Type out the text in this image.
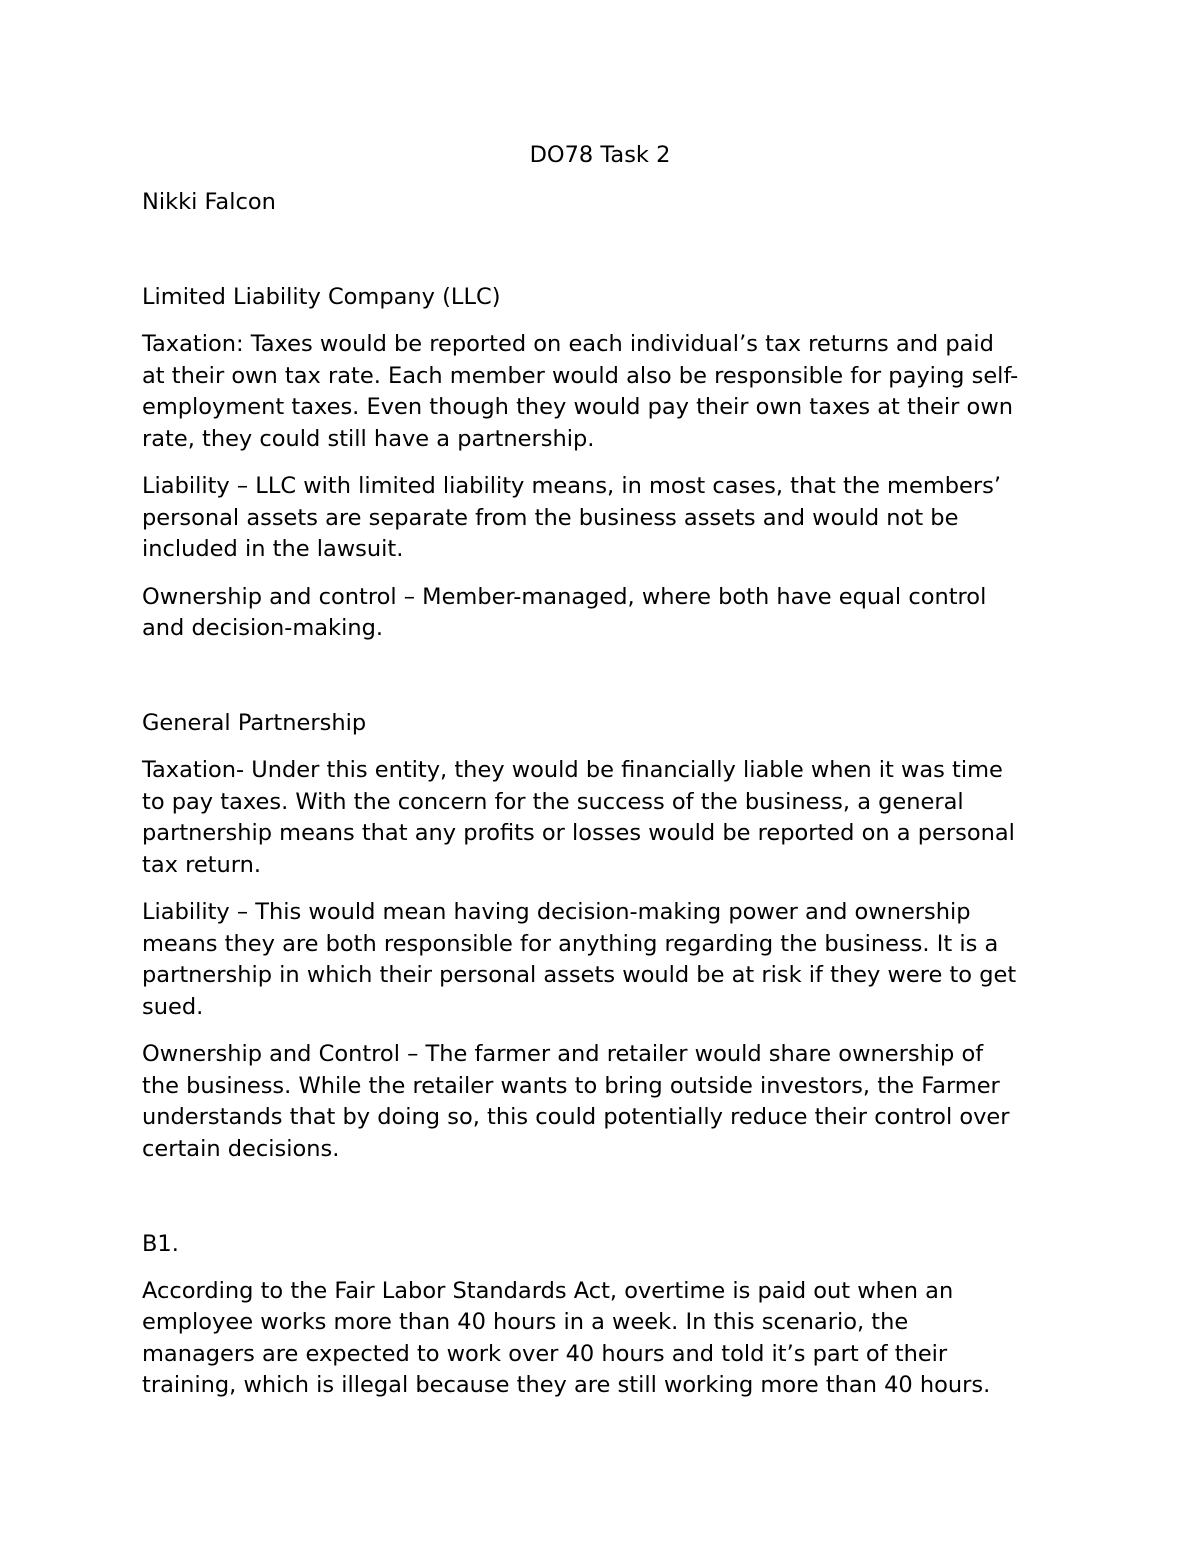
DO78 Task 2

Nikki Falcon

Limited Liability Company (LLC)

Taxation: Taxes would be reported on each individual’s tax returns and paid

at their own tax rate. Each member would also be responsible for paying self-

employment taxes. Even though they would pay their own taxes at their own

rate, they could still have a partnership.

Liability – LLC with limited liability means, in most cases, that the members’

personal assets are separate from the business assets and would not be

included in the lawsuit.

Ownership and control – Member-managed, where both have equal control

and decision-making.

General Partnership

Taxation- Under this entity, they would be financially liable when it was time

to pay taxes. With the concern for the success of the business, a general

partnership means that any profits or losses would be reported on a personal

tax return.

Liability – This would mean having decision-making power and ownership

means they are both responsible for anything regarding the business. It is a

partnership in which their personal assets would be at risk if they were to get

sued.

Ownership and Control – The farmer and retailer would share ownership of

the business. While the retailer wants to bring outside investors, the Farmer

understands that by doing so, this could potentially reduce their control over

certain decisions.

B1.

According to the Fair Labor Standards Act, overtime is paid out when an

employee works more than 40 hours in a week. In this scenario, the

managers are expected to work over 40 hours and told it’s part of their

training, which is illegal because they are still working more than 40 hours.
